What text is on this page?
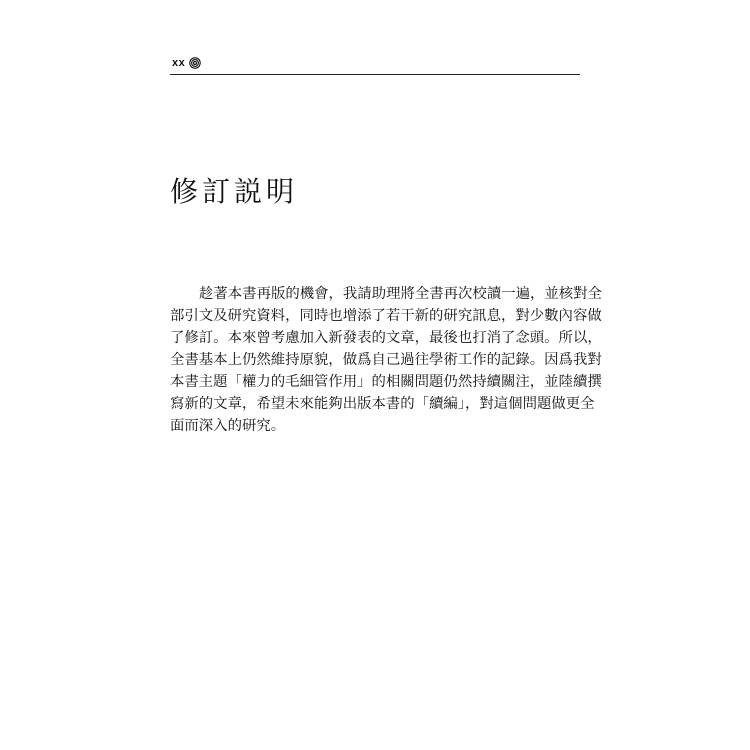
xx
修訂説明
趁著本書再版的機會，我請助理將全書再次校讀一遍，並核對全
部引文及研究資料，同時也增添了若干新的研究訊息，對少數內容做
了修訂。本來曾考慮加入新發表的文章，最後也打消了念頭。所以，
全書基本上仍然維持原貌，做爲自己過往學術工作的記錄。因爲我對
本書主題「權力的毛細管作用」的相關問題仍然持續關注，並陸續撰
寫新的文章，希望未來能夠出版本書的「續編」，對這個問題做更全
面而深入的研究。
